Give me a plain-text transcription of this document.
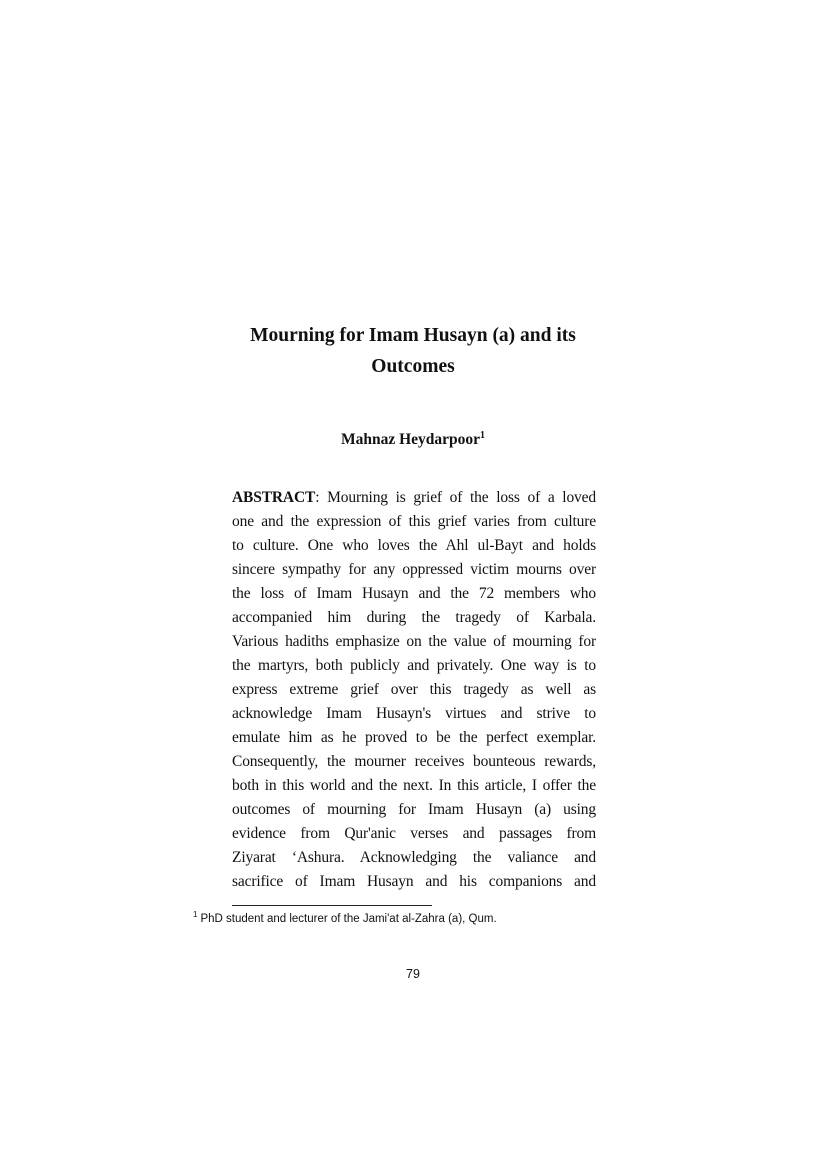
Mourning for Imam Husayn (a) and its
Outcomes
Mahnaz Heydarpoor$^1$
ABSTRACT: Mourning is grief of the loss of a loved
one and the expression of this grief varies from culture
to culture. One who loves the Ahl ul-Bayt and holds
sincere sympathy for any oppressed victim mourns over
the loss of Imam Husayn and the 72 members who
accompanied him during the tragedy of Karbala.
Various hadiths emphasize on the value of mourning for
the martyrs, both publicly and privately. One way is to
express extreme grief over this tragedy as well as
acknowledge Imam Husayn's virtues and strive to
emulate him as he proved to be the perfect exemplar.
Consequently, the mourner receives bounteous rewards,
both in this world and the next. In this article, I offer the
outcomes of mourning for Imam Husayn (a) using
evidence from Qur'anic verses and passages from
Ziyarat ‘Ashura. Acknowledging the valiance and
sacrifice of Imam Husayn and his companions and
$^1$ PhD student and lecturer of the Jami'at al-Zahra (a), Qum.
79
